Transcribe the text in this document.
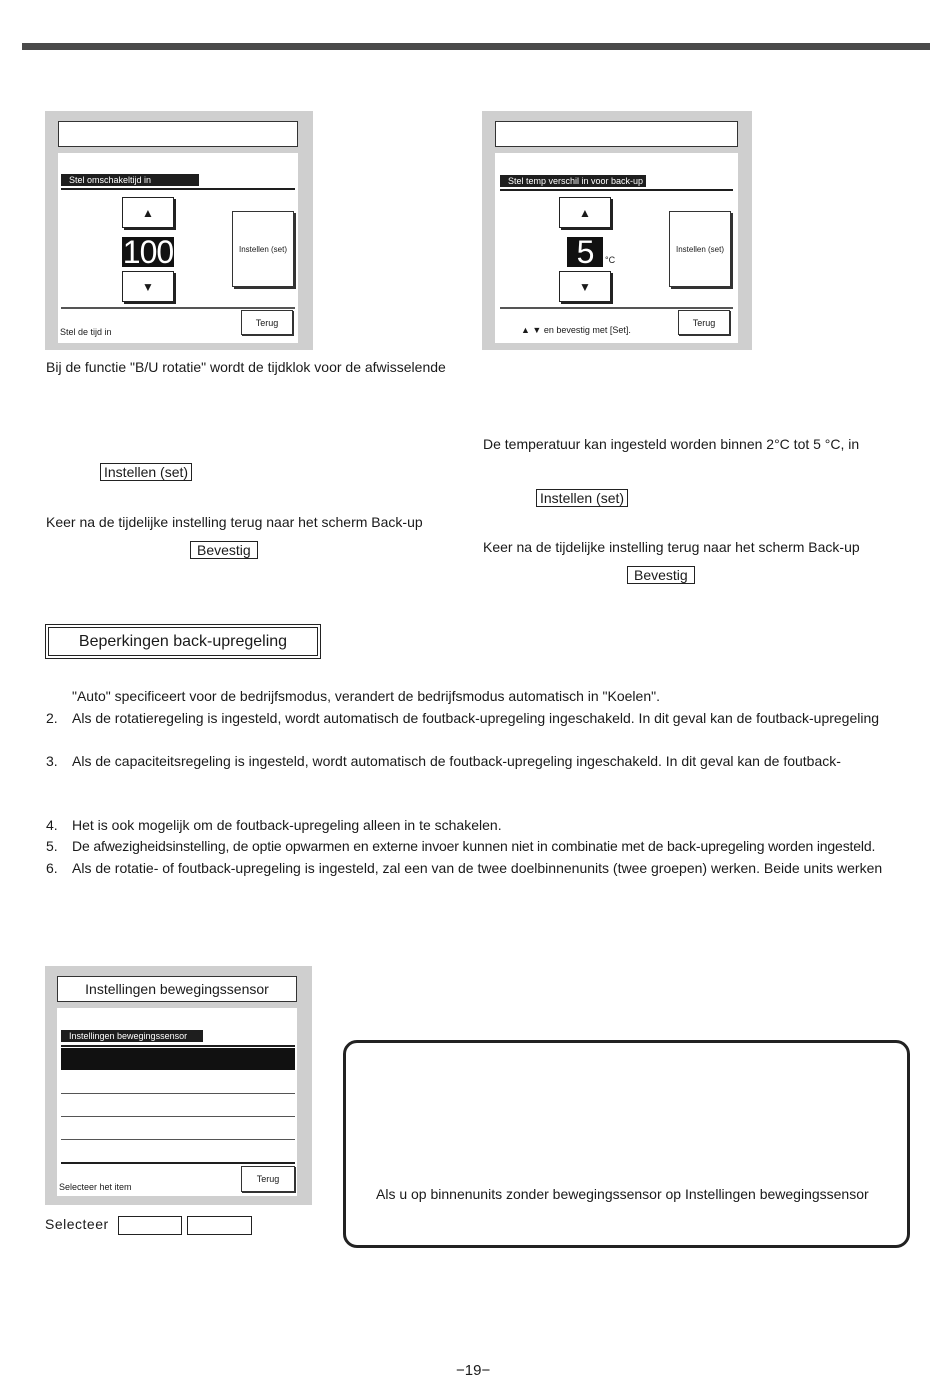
Stel omschakeltijd in
▲
100
▼
Instellen (set)
Terug
Stel de tijd in
Stel temp verschil in voor back-up
▲
5	°C
▼
Instellen (set)
Terug
▲ ▼ en bevestig met [Set].
Bij de functie "B/U rotatie" wordt de tijdklok voor de afwisselende
Instellen (set)
Keer na de tijdelijke instelling terug naar het scherm Back-up
Bevestig
De temperatuur kan ingesteld worden binnen 2°C tot 5 °C, in
Instellen (set)
Keer na de tijdelijke instelling terug naar het scherm Back-up
Bevestig
Beperkingen back-upregeling
"Auto" specificeert voor de bedrijfsmodus, verandert de bedrijfsmodus automatisch in "Koelen".
2. Als de rotatieregeling is ingesteld, wordt automatisch de foutback-upregeling ingeschakeld. In dit geval kan de foutback-upregeling
3. Als de capaciteitsregeling is ingesteld, wordt automatisch de foutback-upregeling ingeschakeld. In dit geval kan de foutback-
4. Het is ook mogelijk om de foutback-upregeling alleen in te schakelen.
5. De afwezigheidsinstelling, de optie opwarmen en externe invoer kunnen niet in combinatie met de back-upregeling worden ingesteld.
6. Als de rotatie- of foutback-upregeling is ingesteld, zal een van de twee doelbinnenunits (twee groepen) werken. Beide units werken
Instellingen bewegingssensor
Instellingen bewegingssensor
Terug
Selecteer het item
Selecteer
Als u op binnenunits zonder bewegingssensor op Instellingen bewegingssensor
−19−
